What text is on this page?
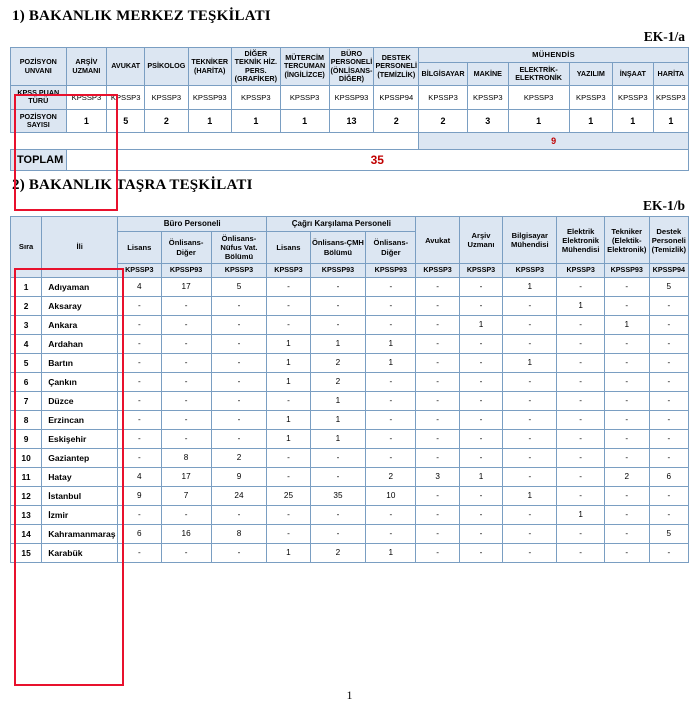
1) BAKANLIK MERKEZ TEŞKİLATI
EK-1/a
POZİSYON UNVANI	ARŞİV UZMANI	AVUKAT	PSİKOLOG	TEKNİKER (HARİTA)	DİĞER TEKNİK HİZ. PERS. (GRAFİKER)	MÜTERCİM TERCUMAN (İNGİLİZCE)	BÜRO PERSONELİ (ÖNLİSANS-DİĞER)	DESTEK PERSONELİ (TEMİZLİK)	MÜHENDİS					
									BİLGİSAYAR	MAKİNE	ELEKTRİK-ELEKTRONİK	YAZILIM	İNŞAAT	HARİTA
KPSS PUAN TÜRÜ	KPSSP3	KPSSP3	KPSSP3	KPSSP93	KPSSP3	KPSSP3	KPSSP93	KPSSP94	KPSSP3	KPSSP3	KPSSP3	KPSSP3	KPSSP3	KPSSP3
POZİSYON SAYISI	1	5	2	1	1	1	13	2	2	3	1	1	1	1
									9					
TOPLAM	35													
2) BAKANLIK TAŞRA TEŞKİLATI
EK-1/b
Sıra	İli	Büro Personeli			Çağrı Karşılama Personeli			Avukat	Arşiv Uzmanı	Bilgisayar Mühendisi	Elektrik Elektronik Mühendisi	Tekniker (Elektik-Elektronik)	Destek Personeli (Temizlik)
		Lisans	Önlisans-Diğer	Önlisans-Nüfus Vat. Bölümü	Lisans	Önlisans-ÇMH Bölümü	Önlisans-Diğer						
		KPSSP3	KPSSP93	KPSSP3	KPSSP3	KPSSP93	KPSSP93	KPSSP3	KPSSP3	KPSSP3	KPSSP3	KPSSP93	KPSSP94
1	Adıyaman	4	17	5	-	-	-	-	-	1	-	-	5
2	Aksaray	-	-	-	-	-	-	-	-	-	1	-	-
3	Ankara	-	-	-	-	-	-	-	1	-	-	1	-
4	Ardahan	-	-	-	1	1	1	-	-	-	-	-	-
5	Bartın	-	-	-	1	2	1	-	-	1	-	-	-
6	Çankın	-	-	-	1	2	-	-	-	-	-	-	-
7	Düzce	-	-	-	-	1	-	-	-	-	-	-	-
8	Erzincan	-	-	-	1	1	-	-	-	-	-	-	-
9	Eskişehir	-	-	-	1	1	-	-	-	-	-	-	-
10	Gaziantep	-	8	2	-	-	-	-	-	-	-	-	-
11	Hatay	4	17	9	-	-	2	3	1	-	-	2	6
12	İstanbul	9	7	24	25	35	10	-	-	1	-	-	-
13	İzmir	-	-	-	-	-	-	-	-	-	1	-	-
14	Kahramanmaraş	6	16	8	-	-	-	-	-	-	-	-	5
15	Karabük	-	-	-	1	2	1	-	-	-	-	-	-
1
